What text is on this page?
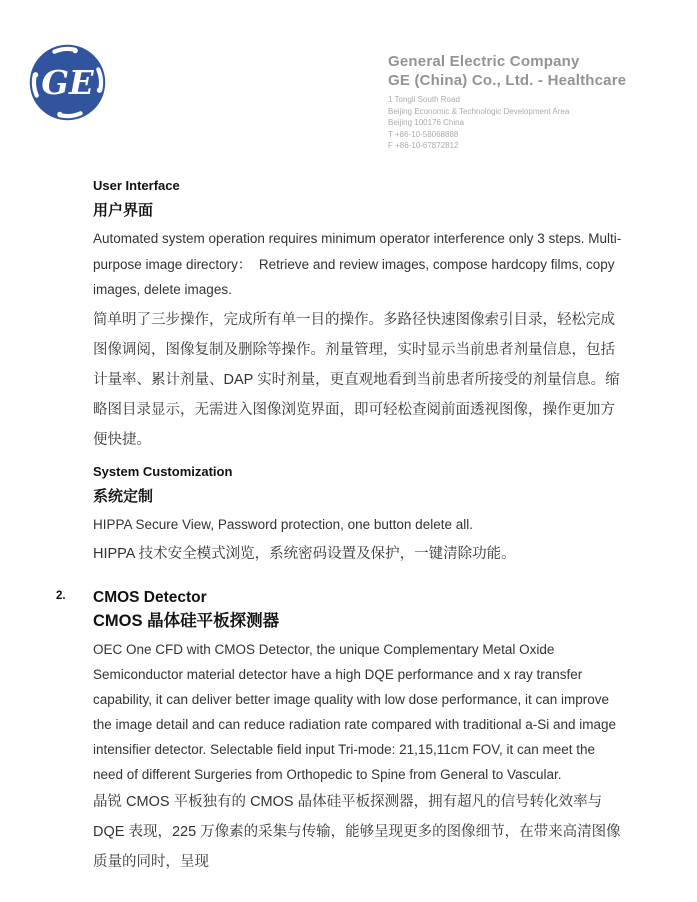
GE
General Electric Company
GE (China) Co., Ltd. - Healthcare
1 Tongli South Road
Beijing Economic & Technologic Development Area
Beijing 100176 China
T +86-10-58068888
F +86-10-67872812
User Interface
用户界面

Automated system operation requires minimum operator interference only 3 steps. Multi-purpose image directory：  Retrieve and review images, compose hardcopy films, copy images, delete images.

简单明了三步操作，完成所有单一目的操作。多路径快速图像索引目录，轻松完成图像调阅，图像复制及删除等操作。剂量管理，实时显示当前患者剂量信息，包括计量率、累计剂量、DAP 实时剂量，更直观地看到当前患者所接受的剂量信息。缩略图目录显示，无需进入图像浏览界面，即可轻松查阅前面透视图像，操作更加方便快捷。

System Customization
系统定制

HIPPA Secure View, Password protection, one button delete all.

HIPPA 技术安全模式浏览，系统密码设置及保护，一键清除功能。

2. CMOS Detector
CMOS 晶体硅平板探测器

OEC One CFD with CMOS Detector, the unique Complementary Metal Oxide Semiconductor material detector have a high DQE performance and x ray transfer capability, it can deliver better image quality with low dose performance, it can improve the image detail and can reduce radiation rate compared with traditional a-Si and image intensifier detector. Selectable field input Tri-mode: 21,15,11cm FOV, it can meet the need of different Surgeries from Orthopedic to Spine from General to Vascular.

晶锐 CMOS 平板独有的 CMOS 晶体硅平板探测器，拥有超凡的信号转化效率与 DQE 表现，225 万像素的采集与传输，能够呈现更多的图像细节，在带来高清图像质量的同时，呈现
